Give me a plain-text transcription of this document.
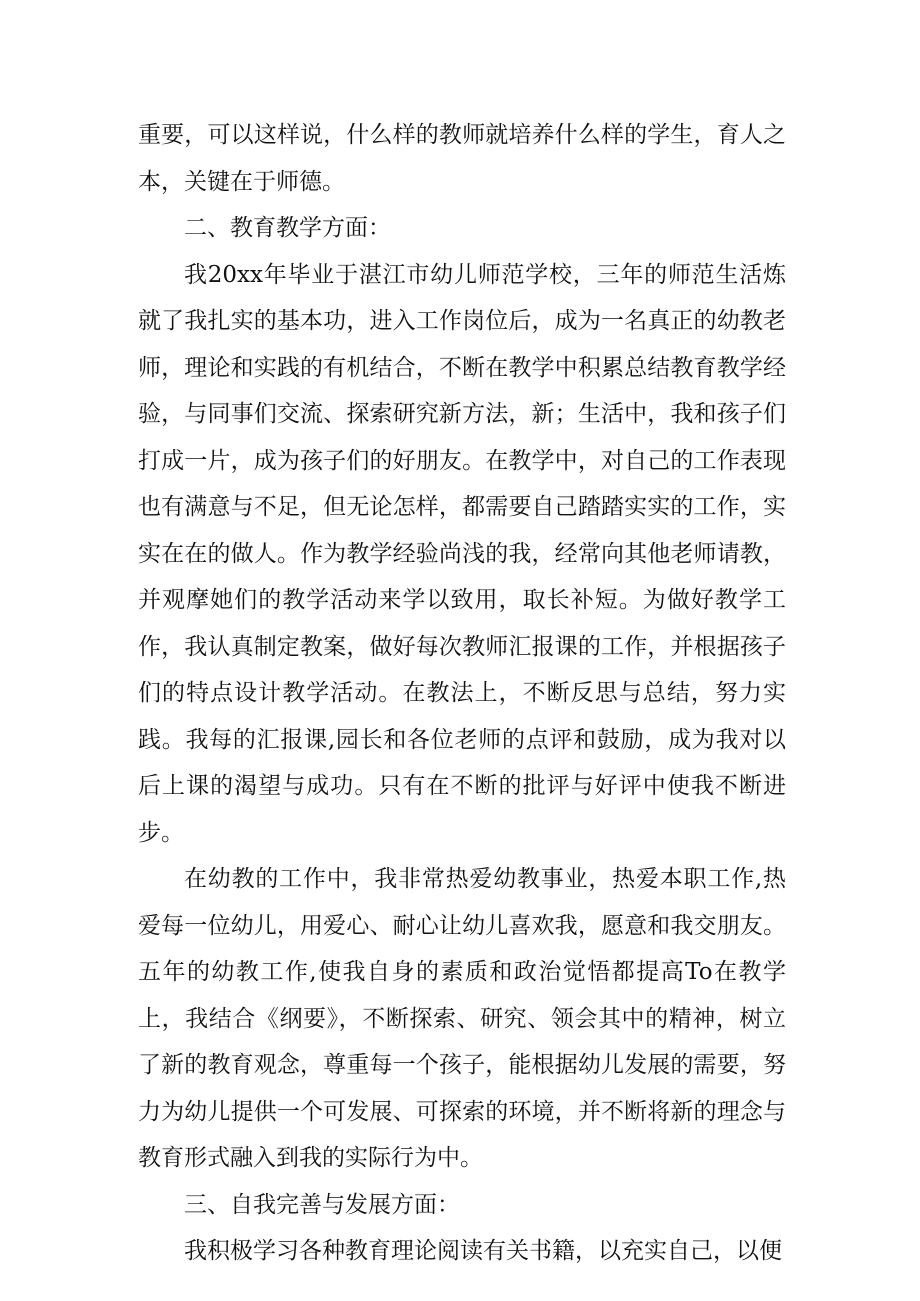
重要，可以这样说，什么样的教师就培养什么样的学生，育人之本，关键在于师德。

二、教育教学方面：

我20xx年毕业于湛江市幼儿师范学校，三年的师范生活炼就了我扎实的基本功，进入工作岗位后，成为一名真正的幼教老师，理论和实践的有机结合，不断在教学中积累总结教育教学经验，与同事们交流、探索研究新方法，新；生活中，我和孩子们打成一片，成为孩子们的好朋友。在教学中，对自己的工作表现也有满意与不足，但无论怎样，都需要自己踏踏实实的工作，实实在在的做人。作为教学经验尚浅的我，经常向其他老师请教，并观摩她们的教学活动来学以致用，取长补短。为做好教学工作，我认真制定教案，做好每次教师汇报课的工作，并根据孩子们的特点设计教学活动。在教法上，不断反思与总结，努力实践。我每的汇报课,园长和各位老师的点评和鼓励，成为我对以后上课的渴望与成功。只有在不断的批评与好评中使我不断进步。

在幼教的工作中，我非常热爱幼教事业，热爱本职工作,热爱每一位幼儿，用爱心、耐心让幼儿喜欢我，愿意和我交朋友。五年的幼教工作,使我自身的素质和政治觉悟都提高To在教学上，我结合《纲要》，不断探索、研究、领会其中的精神，树立了新的教育观念，尊重每一个孩子，能根据幼儿发展的需要，努力为幼儿提供一个可发展、可探索的环境，并不断将新的理念与教育形式融入到我的实际行为中。

三、自我完善与发展方面：

我积极学习各种教育理论阅读有关书籍，以充实自己，以便
